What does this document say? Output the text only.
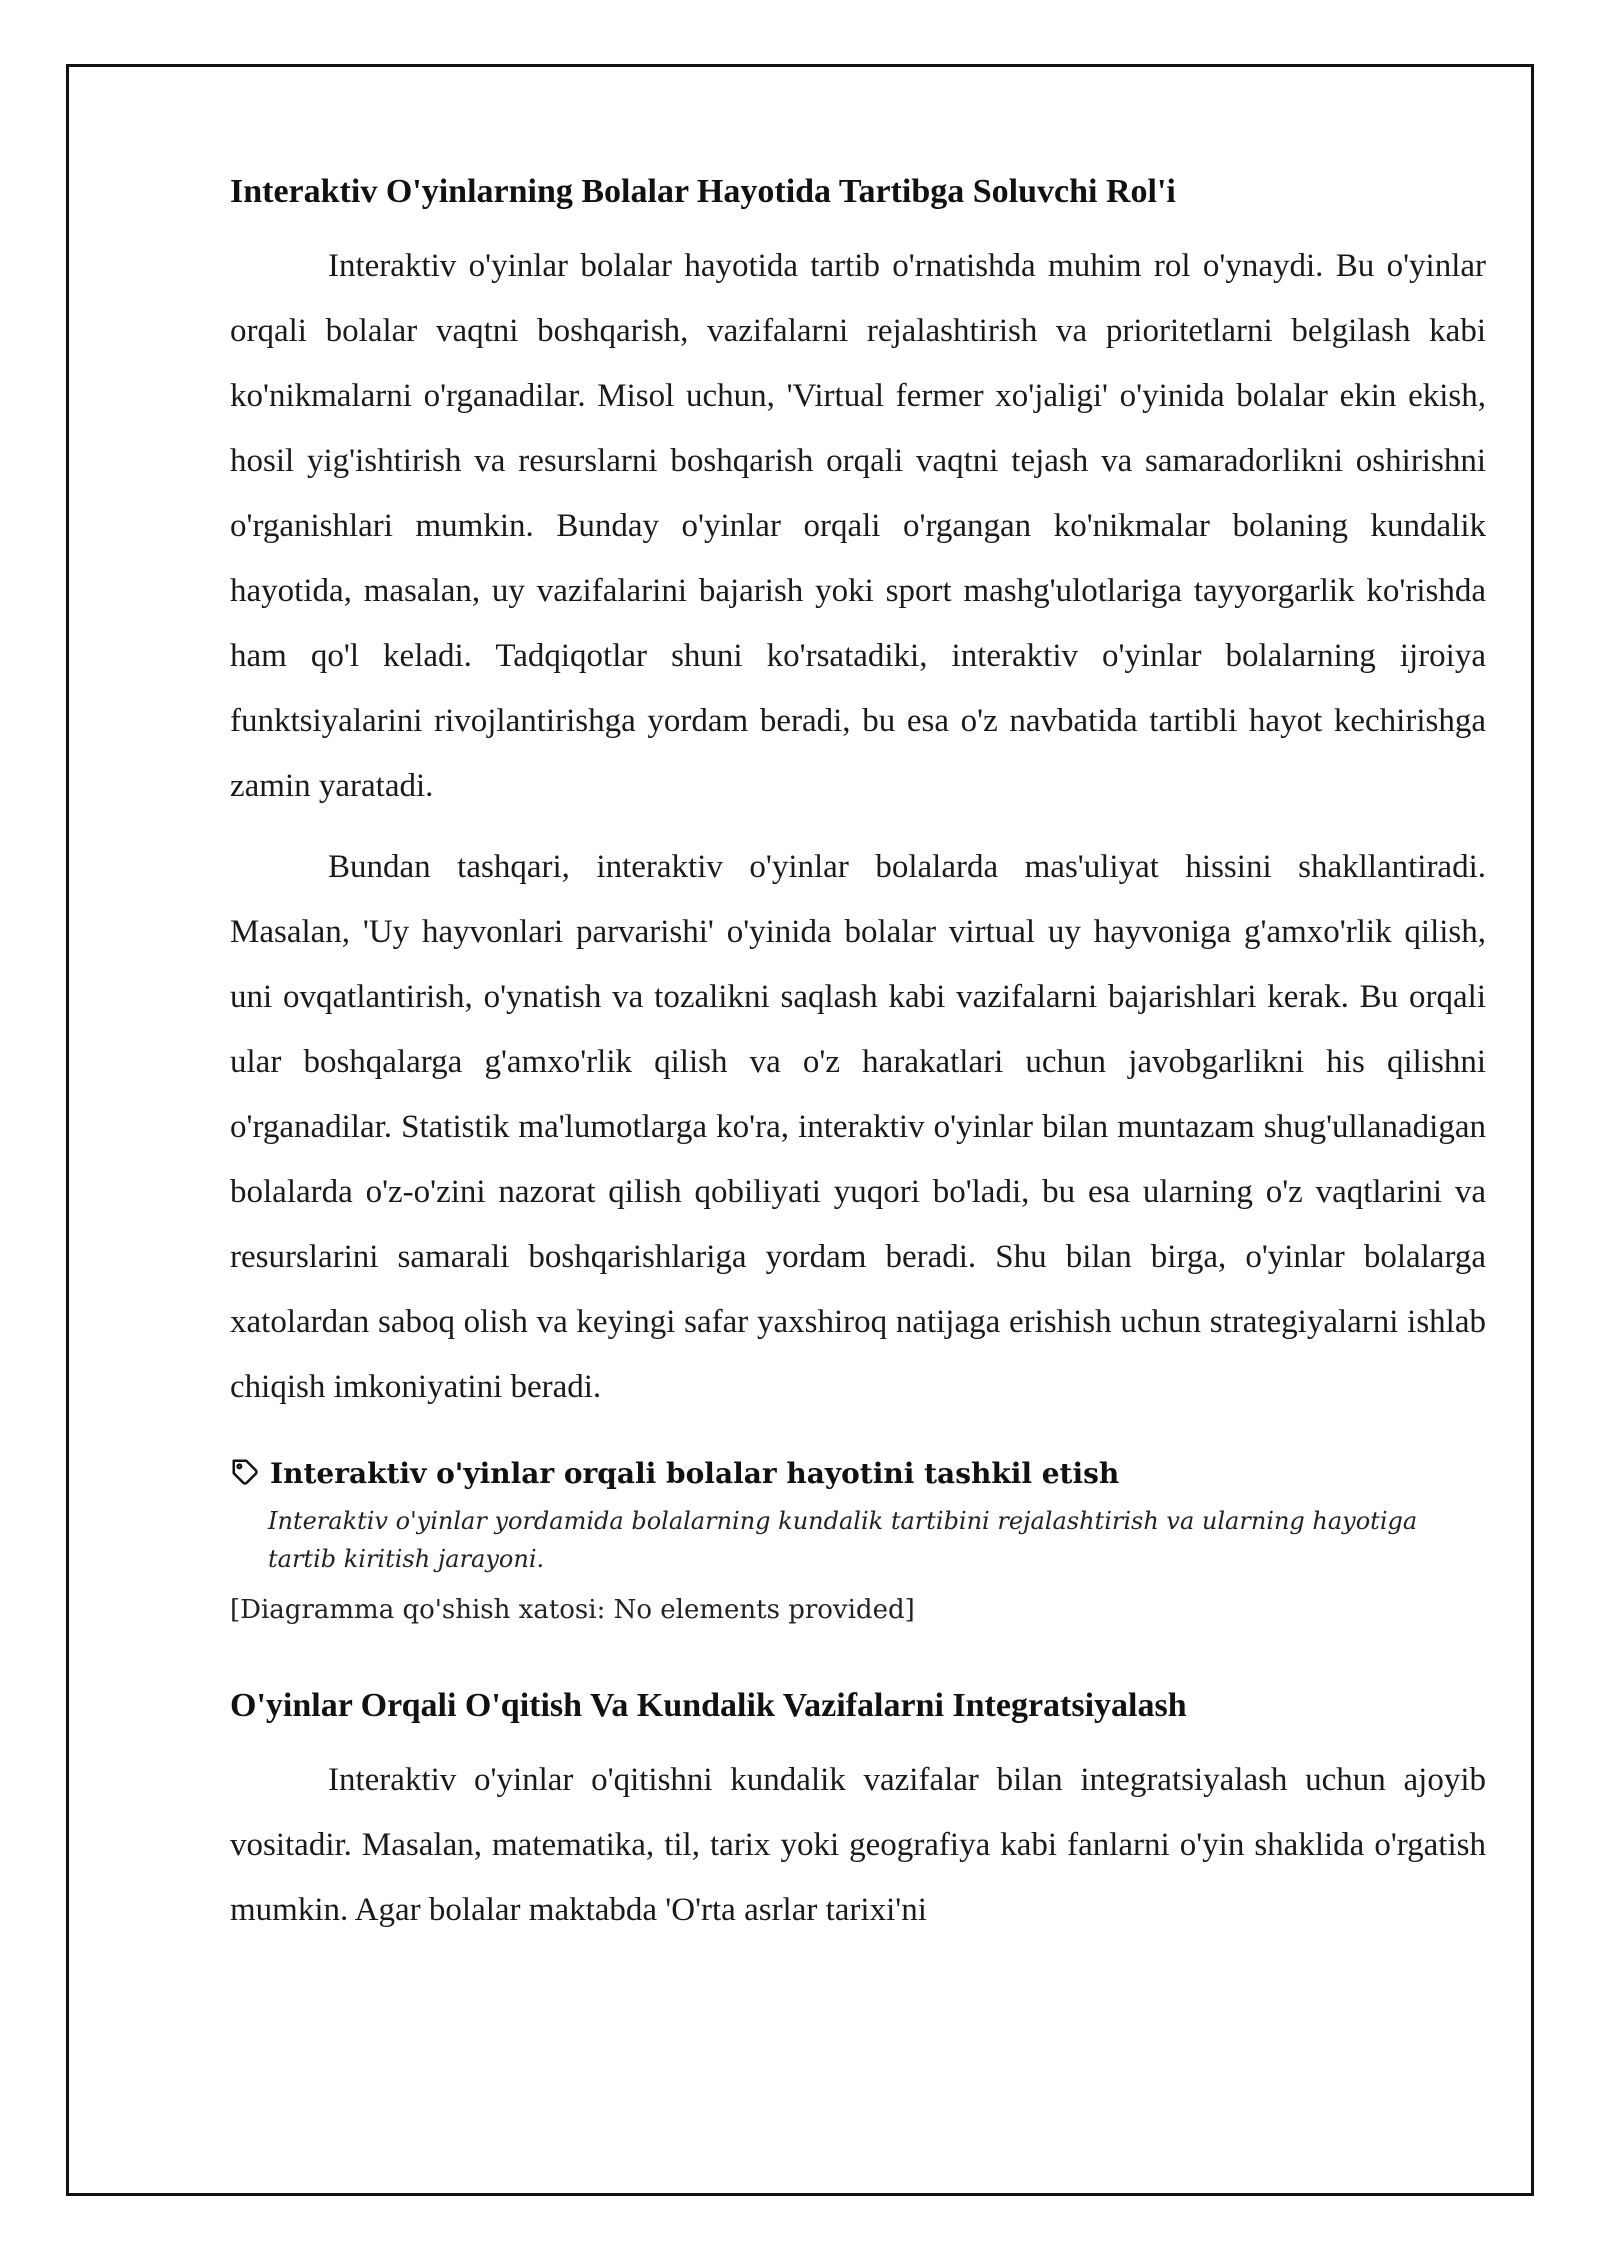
Interaktiv O'yinlarning Bolalar Hayotida Tartibga Soluvchi Rol'i

Interaktiv o'yinlar bolalar hayotida tartib o'rnatishda muhim rol o'ynaydi. Bu o'yinlar orqali bolalar vaqtni boshqarish, vazifalarni rejalashtirish va prioritetlarni belgilash kabi ko'nikmalarni o'rganadilar. Misol uchun, 'Virtual fermer xo'jaligi' o'yinida bolalar ekin ekish, hosil yig'ishtirish va resurslarni boshqarish orqali vaqtni tejash va samaradorlikni oshirishni o'rganishlari mumkin. Bunday o'yinlar orqali o'rgangan ko'nikmalar bolaning kundalik hayotida, masalan, uy vazifalarini bajarish yoki sport mashg'ulotlariga tayyorgarlik ko'rishda ham qo'l keladi. Tadqiqotlar shuni ko'rsatadiki, interaktiv o'yinlar bolalarning ijroiya funktsiyalarini rivojlantirishga yordam beradi, bu esa o'z navbatida tartibli hayot kechirishga zamin yaratadi.

Bundan tashqari, interaktiv o'yinlar bolalarda mas'uliyat hissini shakllantiradi. Masalan, 'Uy hayvonlari parvarishi' o'yinida bolalar virtual uy hayvoniga g'amxo'rlik qilish, uni ovqatlantirish, o'ynatish va tozalikni saqlash kabi vazifalarni bajarishlari kerak. Bu orqali ular boshqalarga g'amxo'rlik qilish va o'z harakatlari uchun javobgarlikni his qilishni o'rganadilar. Statistik ma'lumotlarga ko'ra, interaktiv o'yinlar bilan muntazam shug'ullanadigan bolalarda o'z-o'zini nazorat qilish qobiliyati yuqori bo'ladi, bu esa ularning o'z vaqtlarini va resurslarini samarali boshqarishlariga yordam beradi. Shu bilan birga, o'yinlar bolalarga xatolardan saboq olish va keyingi safar yaxshiroq natijaga erishish uchun strategiyalarni ishlab chiqish imkoniyatini beradi.

Interaktiv o'yinlar orqali bolalar hayotini tashkil etish
Interaktiv o'yinlar yordamida bolalarning kundalik tartibini rejalashtirish va ularning hayotiga tartib kiritish jarayoni.
[Diagramma qo'shish xatosi: No elements provided]
O'yinlar Orqali O'qitish Va Kundalik Vazifalarni Integratsiyalash

Interaktiv o'yinlar o'qitishni kundalik vazifalar bilan integratsiyalash uchun ajoyib vositadir. Masalan, matematika, til, tarix yoki geografiya kabi fanlarni o'yin shaklida o'rgatish mumkin. Agar bolalar maktabda 'O'rta asrlar tarixi'ni
